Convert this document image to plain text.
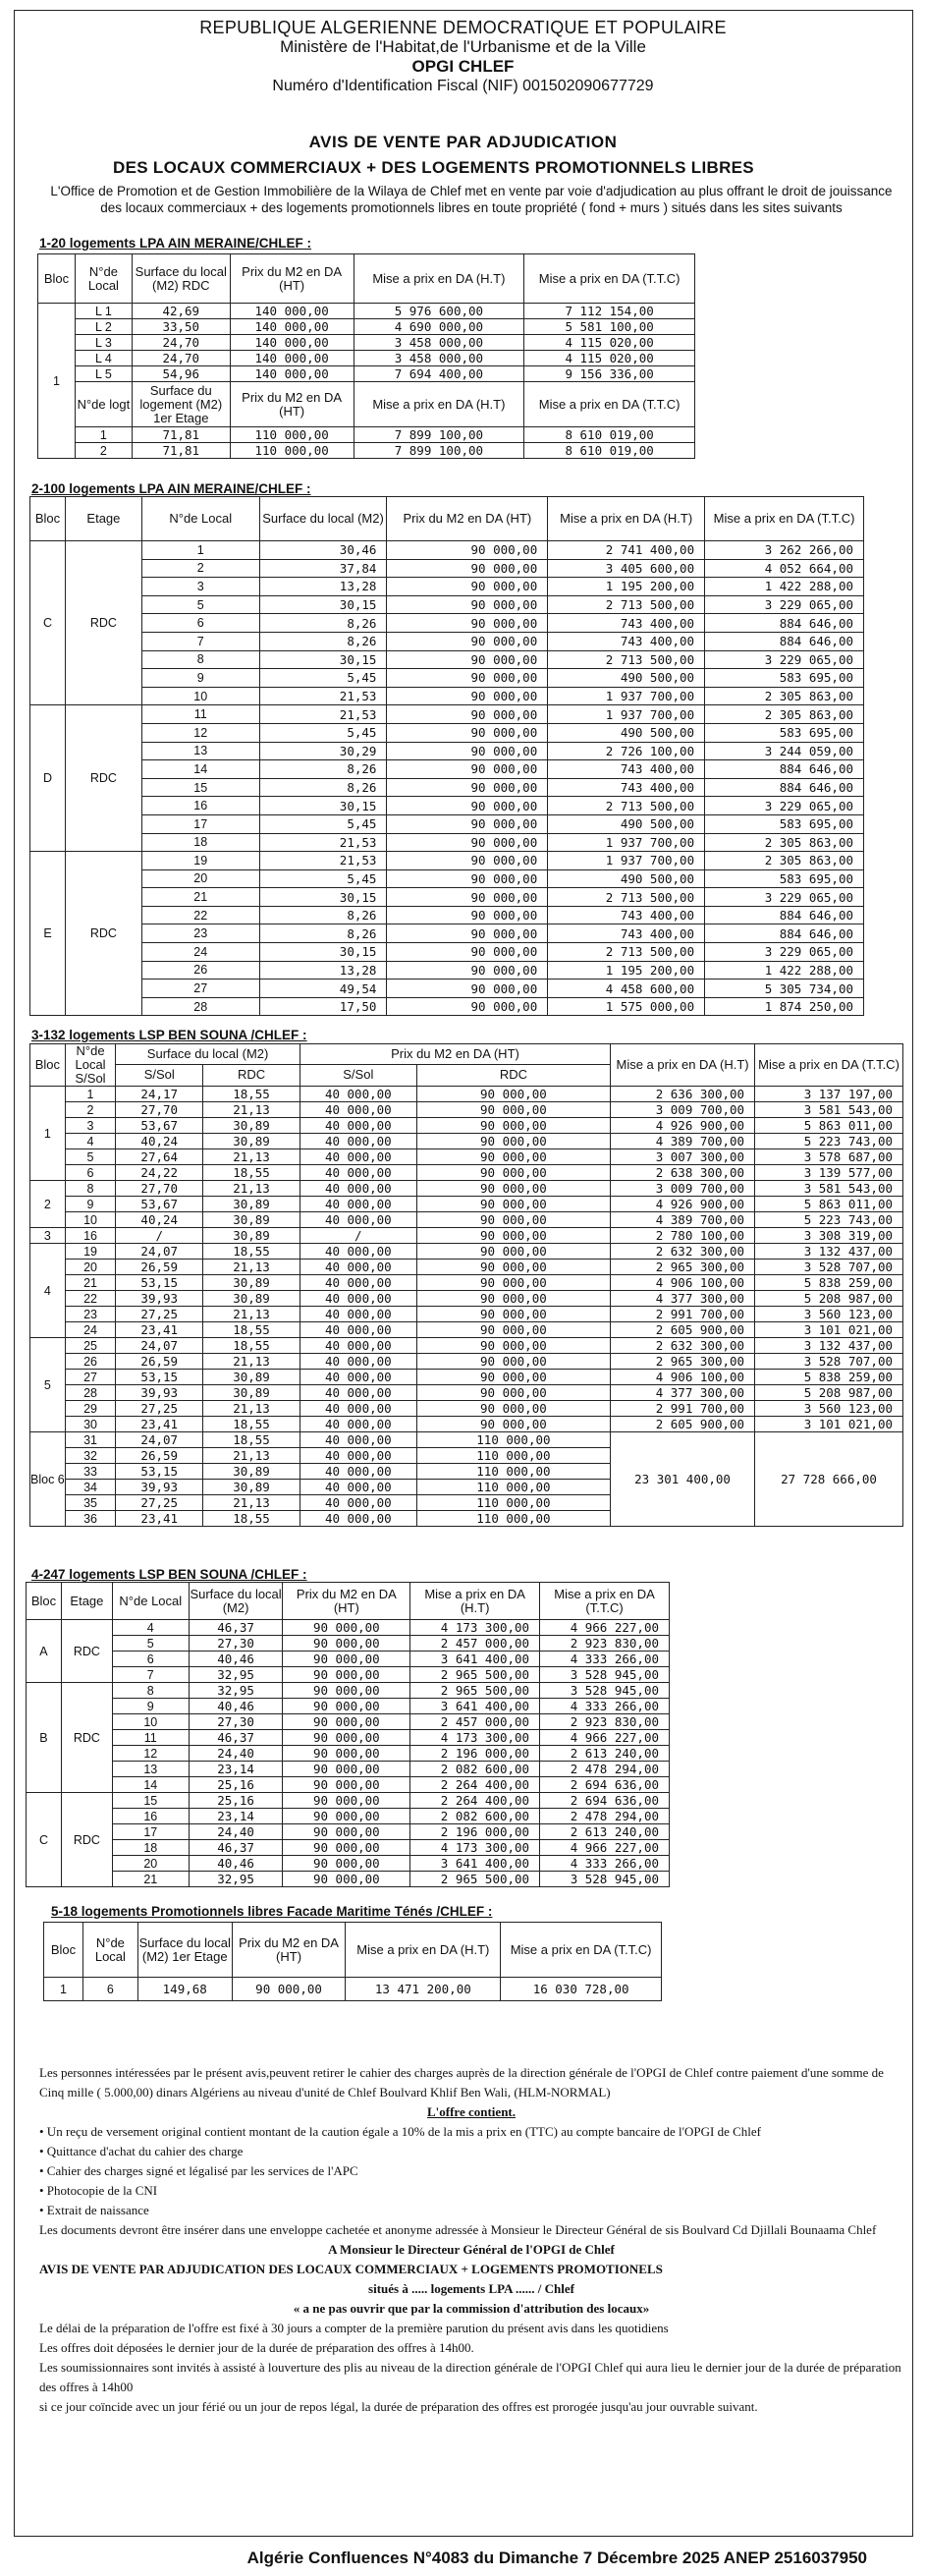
REPUBLIQUE ALGERIENNE DEMOCRATIQUE ET POPULAIRE
Ministère de l'Habitat,de l'Urbanisme et de la Ville
OPGI CHLEF
Numéro d'Identification Fiscal (NIF) 001502090677729
AVIS DE VENTE PAR ADJUDICATION
DES LOCAUX COMMERCIAUX + DES LOGEMENTS PROMOTIONNELS LIBRES
L'Office de Promotion et de Gestion Immobilière de la Wilaya de Chlef met en vente par voie d'adjudication au plus offrant le droit de jouissance des locaux commerciaux + des logements promotionnels libres en toute propriété ( fond + murs ) situés dans les sites suivants
1-20 logements LPA AIN MERAINE/CHLEF :
Bloc	N°de Local	Surface du local (M2) RDC	Prix du M2 en DA (HT)	Mise a prix en DA (H.T)	Mise a prix en DA (T.T.C)
1	L 1	42,69	140 000,00	5 976 600,00	7 112 154,00
	L 2	33,50	140 000,00	4 690 000,00	5 581 100,00
	L 3	24,70	140 000,00	3 458 000,00	4 115 020,00
	L 4	24,70	140 000,00	3 458 000,00	4 115 020,00
	L 5	54,96	140 000,00	7 694 400,00	9 156 336,00
	N°de logt	Surface du logement (M2) 1er Etage	Prix du M2 en DA (HT)	Mise a prix en DA (H.T)	Mise a prix en DA (T.T.C)
	1	71,81	110 000,00	7 899 100,00	8 610 019,00
	2	71,81	110 000,00	7 899 100,00	8 610 019,00
2-100 logements LPA AIN MERAINE/CHLEF :
Bloc	Etage	N°de Local	Surface du local (M2)	Prix du M2 en DA (HT)	Mise a prix en DA (H.T)	Mise a prix en DA (T.T.C)
C	RDC	1	30,46	90 000,00	2 741 400,00	3 262 266,00
		2	37,84	90 000,00	3 405 600,00	4 052 664,00
		3	13,28	90 000,00	1 195 200,00	1 422 288,00
		5	30,15	90 000,00	2 713 500,00	3 229 065,00
		6	8,26	90 000,00	743 400,00	884 646,00
		7	8,26	90 000,00	743 400,00	884 646,00
		8	30,15	90 000,00	2 713 500,00	3 229 065,00
		9	5,45	90 000,00	490 500,00	583 695,00
		10	21,53	90 000,00	1 937 700,00	2 305 863,00
D	RDC	11	21,53	90 000,00	1 937 700,00	2 305 863,00
		12	5,45	90 000,00	490 500,00	583 695,00
		13	30,29	90 000,00	2 726 100,00	3 244 059,00
		14	8,26	90 000,00	743 400,00	884 646,00
		15	8,26	90 000,00	743 400,00	884 646,00
		16	30,15	90 000,00	2 713 500,00	3 229 065,00
		17	5,45	90 000,00	490 500,00	583 695,00
		18	21,53	90 000,00	1 937 700,00	2 305 863,00
E	RDC	19	21,53	90 000,00	1 937 700,00	2 305 863,00
		20	5,45	90 000,00	490 500,00	583 695,00
		21	30,15	90 000,00	2 713 500,00	3 229 065,00
		22	8,26	90 000,00	743 400,00	884 646,00
		23	8,26	90 000,00	743 400,00	884 646,00
		24	30,15	90 000,00	2 713 500,00	3 229 065,00
		26	13,28	90 000,00	1 195 200,00	1 422 288,00
		27	49,54	90 000,00	4 458 600,00	5 305 734,00
		28	17,50	90 000,00	1 575 000,00	1 874 250,00
3-132 logements LSP BEN SOUNA /CHLEF :
Bloc	N°de Local S/Sol	Surface du local (M2)		Prix du M2 en DA (HT)		Mise a prix en DA (H.T)	Mise a prix en DA (T.T.C)
		S/Sol	RDC	S/Sol	RDC		
1	1	24,17	18,55	40 000,00	90 000,00	2 636 300,00	3 137 197,00
	2	27,70	21,13	40 000,00	90 000,00	3 009 700,00	3 581 543,00
	3	53,67	30,89	40 000,00	90 000,00	4 926 900,00	5 863 011,00
	4	40,24	30,89	40 000,00	90 000,00	4 389 700,00	5 223 743,00
	5	27,64	21,13	40 000,00	90 000,00	3 007 300,00	3 578 687,00
	6	24,22	18,55	40 000,00	90 000,00	2 638 300,00	3 139 577,00
2	8	27,70	21,13	40 000,00	90 000,00	3 009 700,00	3 581 543,00
	9	53,67	30,89	40 000,00	90 000,00	4 926 900,00	5 863 011,00
	10	40,24	30,89	40 000,00	90 000,00	4 389 700,00	5 223 743,00
3	16	/	30,89	/	90 000,00	2 780 100,00	3 308 319,00
4	19	24,07	18,55	40 000,00	90 000,00	2 632 300,00	3 132 437,00
	20	26,59	21,13	40 000,00	90 000,00	2 965 300,00	3 528 707,00
	21	53,15	30,89	40 000,00	90 000,00	4 906 100,00	5 838 259,00
	22	39,93	30,89	40 000,00	90 000,00	4 377 300,00	5 208 987,00
	23	27,25	21,13	40 000,00	90 000,00	2 991 700,00	3 560 123,00
	24	23,41	18,55	40 000,00	90 000,00	2 605 900,00	3 101 021,00
5	25	24,07	18,55	40 000,00	90 000,00	2 632 300,00	3 132 437,00
	26	26,59	21,13	40 000,00	90 000,00	2 965 300,00	3 528 707,00
	27	53,15	30,89	40 000,00	90 000,00	4 906 100,00	5 838 259,00
	28	39,93	30,89	40 000,00	90 000,00	4 377 300,00	5 208 987,00
	29	27,25	21,13	40 000,00	90 000,00	2 991 700,00	3 560 123,00
	30	23,41	18,55	40 000,00	90 000,00	2 605 900,00	3 101 021,00
Bloc 6	31	24,07	18,55	40 000,00	110 000,00	23 301 400,00	27 728 666,00
	32	26,59	21,13	40 000,00	110 000,00		
	33	53,15	30,89	40 000,00	110 000,00		
	34	39,93	30,89	40 000,00	110 000,00		
	35	27,25	21,13	40 000,00	110 000,00		
	36	23,41	18,55	40 000,00	110 000,00		
4-247 logements LSP BEN SOUNA /CHLEF :
Bloc	Etage	N°de Local	Surface du local (M2)	Prix du M2 en DA (HT)	Mise a prix en DA (H.T)	Mise a prix en DA (T.T.C)
A	RDC	4	46,37	90 000,00	4 173 300,00	4 966 227,00
		5	27,30	90 000,00	2 457 000,00	2 923 830,00
		6	40,46	90 000,00	3 641 400,00	4 333 266,00
		7	32,95	90 000,00	2 965 500,00	3 528 945,00
B	RDC	8	32,95	90 000,00	2 965 500,00	3 528 945,00
		9	40,46	90 000,00	3 641 400,00	4 333 266,00
		10	27,30	90 000,00	2 457 000,00	2 923 830,00
		11	46,37	90 000,00	4 173 300,00	4 966 227,00
		12	24,40	90 000,00	2 196 000,00	2 613 240,00
		13	23,14	90 000,00	2 082 600,00	2 478 294,00
		14	25,16	90 000,00	2 264 400,00	2 694 636,00
C	RDC	15	25,16	90 000,00	2 264 400,00	2 694 636,00
		16	23,14	90 000,00	2 082 600,00	2 478 294,00
		17	24,40	90 000,00	2 196 000,00	2 613 240,00
		18	46,37	90 000,00	4 173 300,00	4 966 227,00
		20	40,46	90 000,00	3 641 400,00	4 333 266,00
		21	32,95	90 000,00	2 965 500,00	3 528 945,00
5-18 logements Promotionnels libres Facade Maritime Ténés /CHLEF :
Bloc	N°de Local	Surface du local (M2) 1er Etage	Prix du M2 en DA (HT)	Mise a prix en DA (H.T)	Mise a prix en DA (T.T.C)
1	6	149,68	90 000,00	13 471 200,00	16 030 728,00

Les personnes intéressées par le présent avis,peuvent retirer le cahier des charges auprès de la direction générale de l'OPGI de Chlef contre paiement d'une somme de Cinq mille ( 5.000,00) dinars Algériens au niveau d'unité de Chlef Boulvard Khlif Ben Wali, (HLM-NORMAL)

L'offre contient.

• Un reçu de versement original contient montant de la caution égale a 10% de la mis a prix en (TTC) au compte bancaire de l'OPGI de Chlef

• Quittance d'achat du cahier des charge

• Cahier des charges signé et légalisé par les services de l'APC

• Photocopie de la CNI

• Extrait de naissance

Les documents devront être insérer dans une enveloppe cachetée et anonyme adressée à Monsieur le Directeur Général de sis Boulvard Cd Djillali Bounaama Chlef

A Monsieur le Directeur Général de l'OPGI de Chlef

AVIS DE VENTE PAR ADJUDICATION DES LOCAUX COMMERCIAUX + LOGEMENTS PROMOTIONELS

situés à ..... logements LPA ...... / Chlef

« a ne pas ouvrir que par la commission d'attribution des locaux»

Le délai de la préparation de l'offre est fixé à 30 jours a compter de la première parution du présent avis dans les quotidiens

Les offres doit déposées le dernier jour de la durée de préparation des offres à 14h00.

Les soumissionnaires sont invités à assisté à louverture des plis au niveau de la direction générale de l'OPGI Chlef qui aura lieu le dernier jour de la durée de préparation des offres à 14h00

si ce jour coïncide avec un jour férié ou un jour de repos légal, la durée de préparation des offres est prorogée jusqu'au jour ouvrable suivant.

Algérie Confluences N°4083 du Dimanche 7 Décembre 2025 ANEP 2516037950
